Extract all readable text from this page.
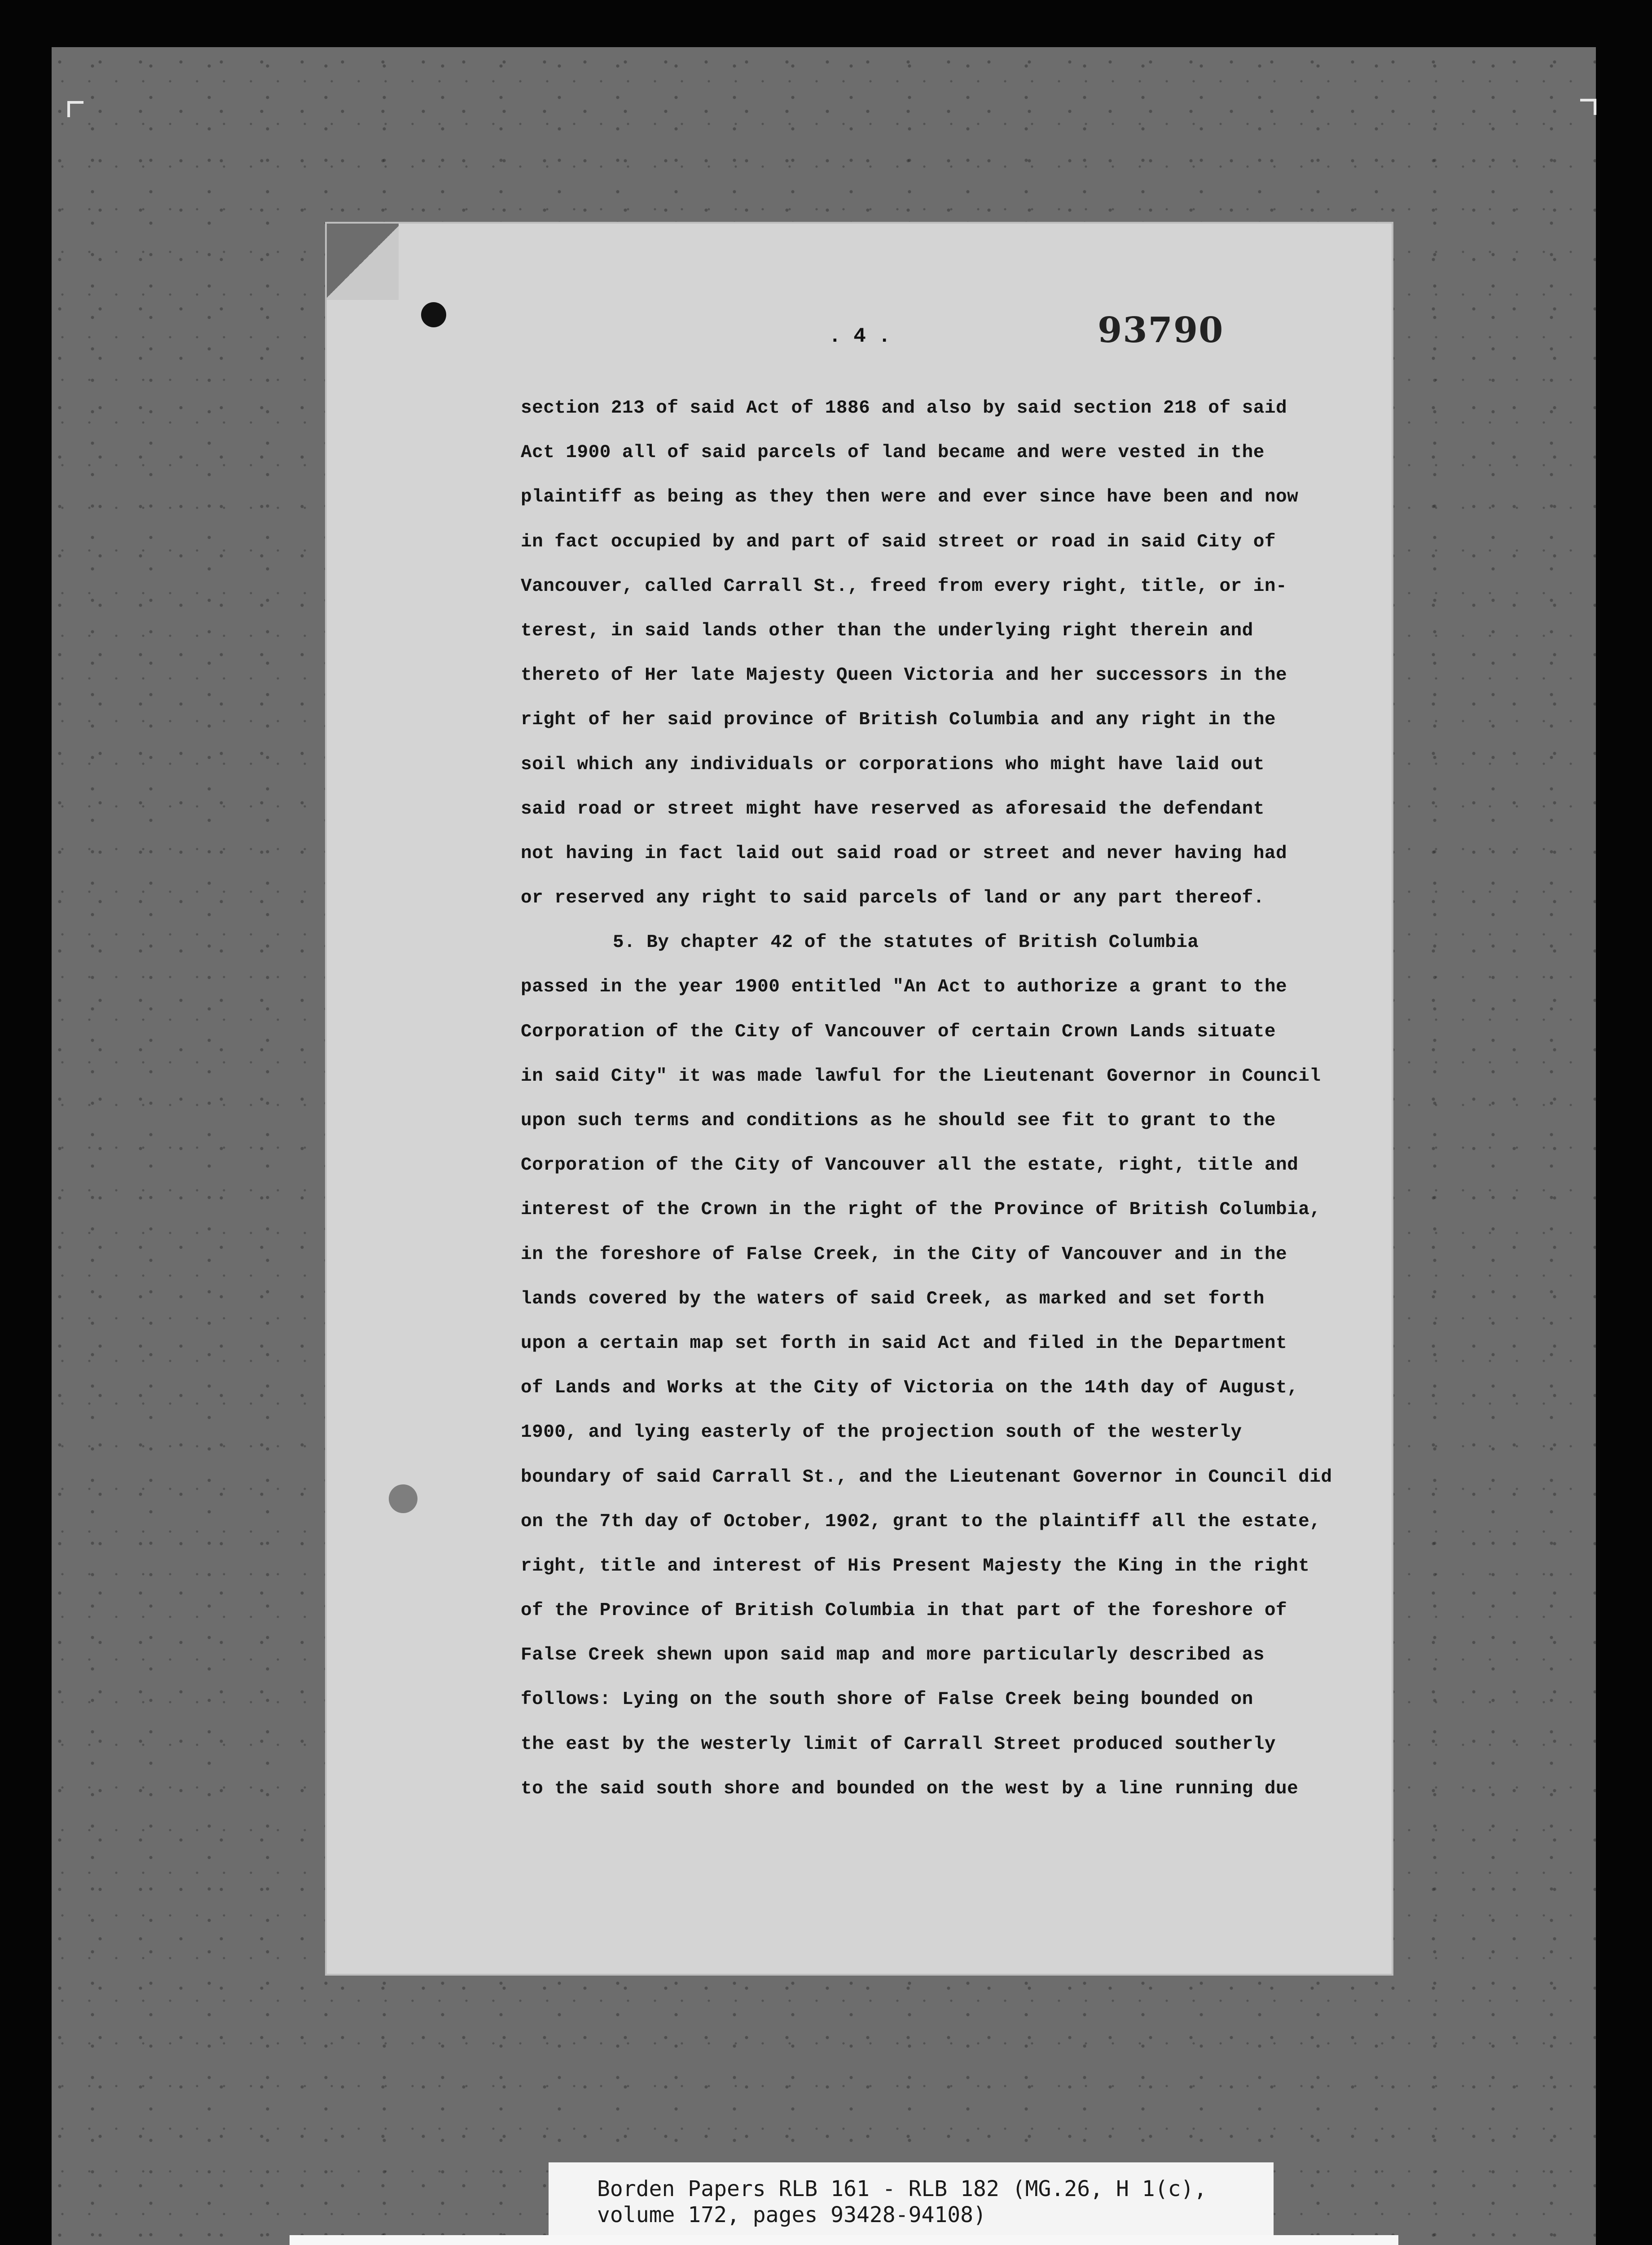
. 4 .	93790
section 213 of said Act of 1886 and also by said section 218 of said
Act 1900 all of said parcels of land became and were vested in the
plaintiff as being as they then were and ever since have been and now
in fact occupied by and part of said street or road in said City of
Vancouver, called Carrall St., freed from every right, title, or in-
terest, in said lands other than the underlying right therein and
thereto of Her late Majesty Queen Victoria and her successors in the
right of her said province of British Columbia and any right in the
soil which any individuals or corporations who might have laid out
said road or street might have reserved as aforesaid the defendant
not having in fact laid out said road or street and never having had
or reserved any right to said parcels of land or any part thereof.
5. By chapter 42 of the statutes of British Columbia
passed in the year 1900 entitled "An Act to authorize a grant to the
Corporation of the City of Vancouver of certain Crown Lands situate
in said City" it was made lawful for the Lieutenant Governor in Council
upon such terms and conditions as he should see fit to grant to the
Corporation of the City of Vancouver all the estate, right, title and
interest of the Crown in the right of the Province of British Columbia,
in the foreshore of False Creek, in the City of Vancouver and in the
lands covered by the waters of said Creek, as marked and set forth
upon a certain map set forth in said Act and filed in the Department
of Lands and Works at the City of Victoria on the 14th day of August,
1900, and lying easterly of the projection south of the westerly
boundary of said Carrall St., and the Lieutenant Governor in Council did
on the 7th day of October, 1902, grant to the plaintiff all the estate,
right, title and interest of His Present Majesty the King in the right
of the Province of British Columbia in that part of the foreshore of
False Creek shewn upon said map and more particularly described as
follows: Lying on the south shore of False Creek being bounded on
the east by the westerly limit of Carrall Street produced southerly
to the said south shore and bounded on the west by a line running due
Borden Papers RLB 161 - RLB 182 (MG.26, H 1(c),
volume 172, pages 93428-94108)
